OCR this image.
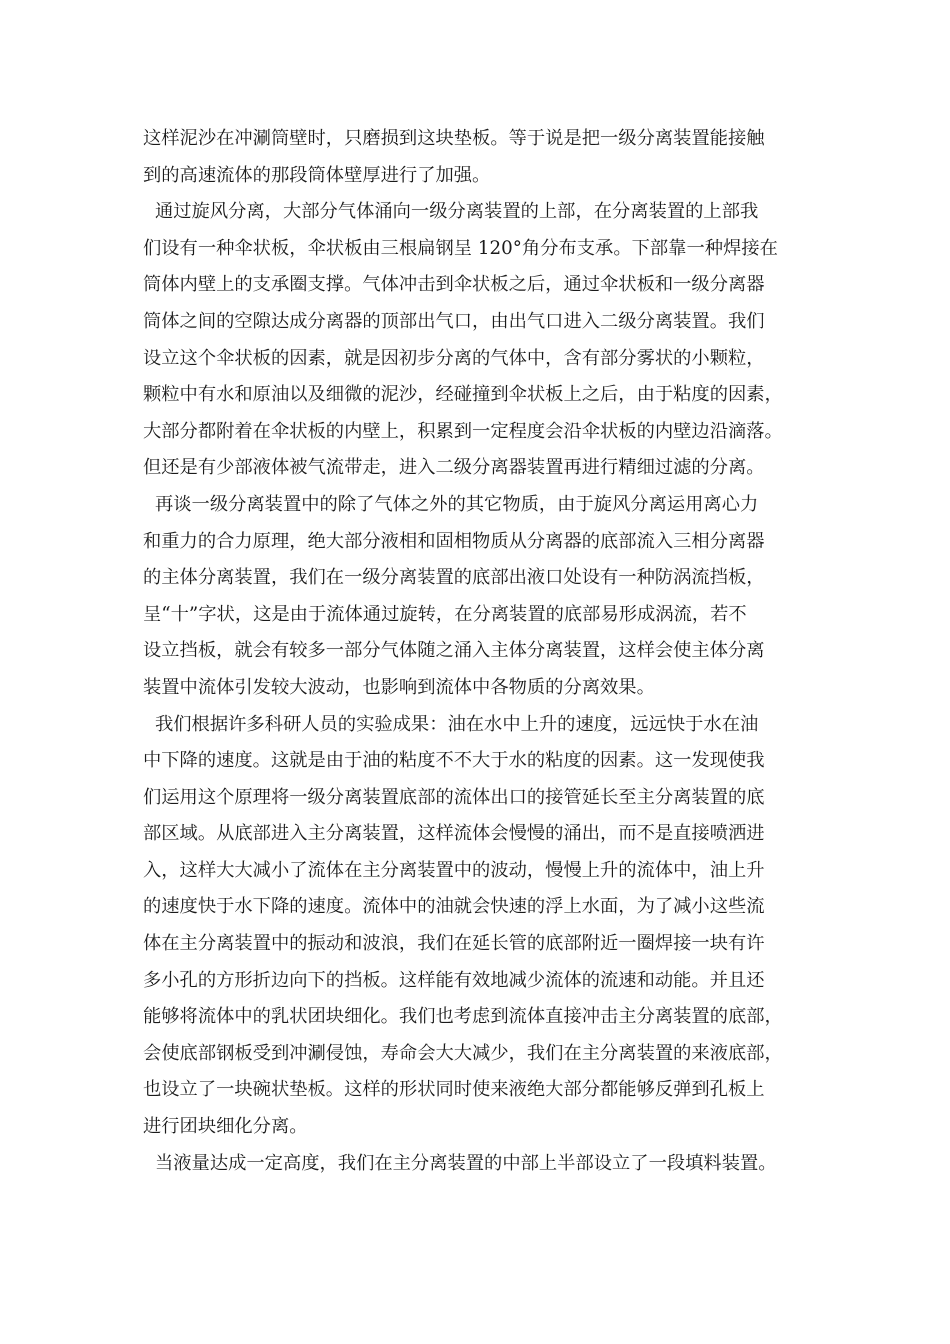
这样泥沙在冲涮筒壁时，只磨损到这块垫板。等于说是把一级分离装置能接触
到的高速流体的那段筒体壁厚进行了加强。
通过旋风分离，大部分气体涌向一级分离装置的上部，在分离装置的上部我
们设有一种伞状板，伞状板由三根扁钢呈 120°角分布支承。下部靠一种焊接在
筒体内壁上的支承圈支撑。气体冲击到伞状板之后，通过伞状板和一级分离器
筒体之间的空隙达成分离器的顶部出气口，由出气口进入二级分离装置。我们
设立这个伞状板的因素，就是因初步分离的气体中，含有部分雾状的小颗粒，
颗粒中有水和原油以及细微的泥沙，经碰撞到伞状板上之后，由于粘度的因素，
大部分都附着在伞状板的内壁上，积累到一定程度会沿伞状板的内壁边沿滴落。
但还是有少部液体被气流带走，进入二级分离器装置再进行精细过滤的分离。
再谈一级分离装置中的除了气体之外的其它物质，由于旋风分离运用离心力
和重力的合力原理，绝大部分液相和固相物质从分离器的底部流入三相分离器
的主体分离装置，我们在一级分离装置的底部出液口处设有一种防涡流挡板，
呈“十”字状，这是由于流体通过旋转，在分离装置的底部易形成涡流，若不
设立挡板，就会有较多一部分气体随之涌入主体分离装置，这样会使主体分离
装置中流体引发较大波动，也影响到流体中各物质的分离效果。
我们根据许多科研人员的实验成果：油在水中上升的速度，远远快于水在油
中下降的速度。这就是由于油的粘度不不大于水的粘度的因素。这一发现使我
们运用这个原理将一级分离装置底部的流体出口的接管延长至主分离装置的底
部区域。从底部进入主分离装置，这样流体会慢慢的涌出，而不是直接喷洒进
入，这样大大减小了流体在主分离装置中的波动，慢慢上升的流体中，油上升
的速度快于水下降的速度。流体中的油就会快速的浮上水面，为了减小这些流
体在主分离装置中的振动和波浪，我们在延长管的底部附近一圈焊接一块有许
多小孔的方形折边向下的挡板。这样能有效地减少流体的流速和动能。并且还
能够将流体中的乳状团块细化。我们也考虑到流体直接冲击主分离装置的底部，
会使底部钢板受到冲涮侵蚀，寿命会大大减少，我们在主分离装置的来液底部，
也设立了一块碗状垫板。这样的形状同时使来液绝大部分都能够反弹到孔板上
进行团块细化分离。
当液量达成一定高度，我们在主分离装置的中部上半部设立了一段填料装置。
